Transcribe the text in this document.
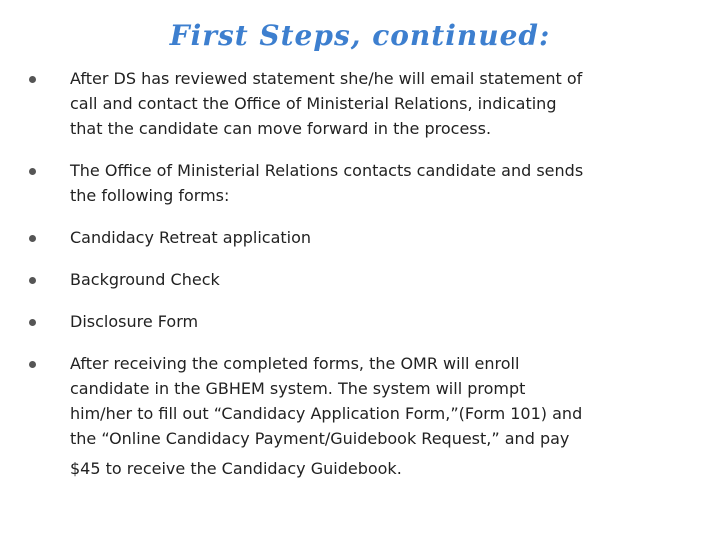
First Steps, continued:
After DS has reviewed statement she/he will email statement of
call and contact the Office of Ministerial Relations, indicating
that the candidate can move forward in the process.
The Office of Ministerial Relations contacts candidate and sends
the following forms:
Candidacy Retreat application
Background Check
Disclosure Form
After receiving the completed forms, the OMR will enroll
candidate in the GBHEM system. The system will prompt
him/her to fill out “Candidacy Application Form,”(Form 101) and
the “Online Candidacy Payment/Guidebook Request,” and pay
$45 to receive the Candidacy Guidebook.
